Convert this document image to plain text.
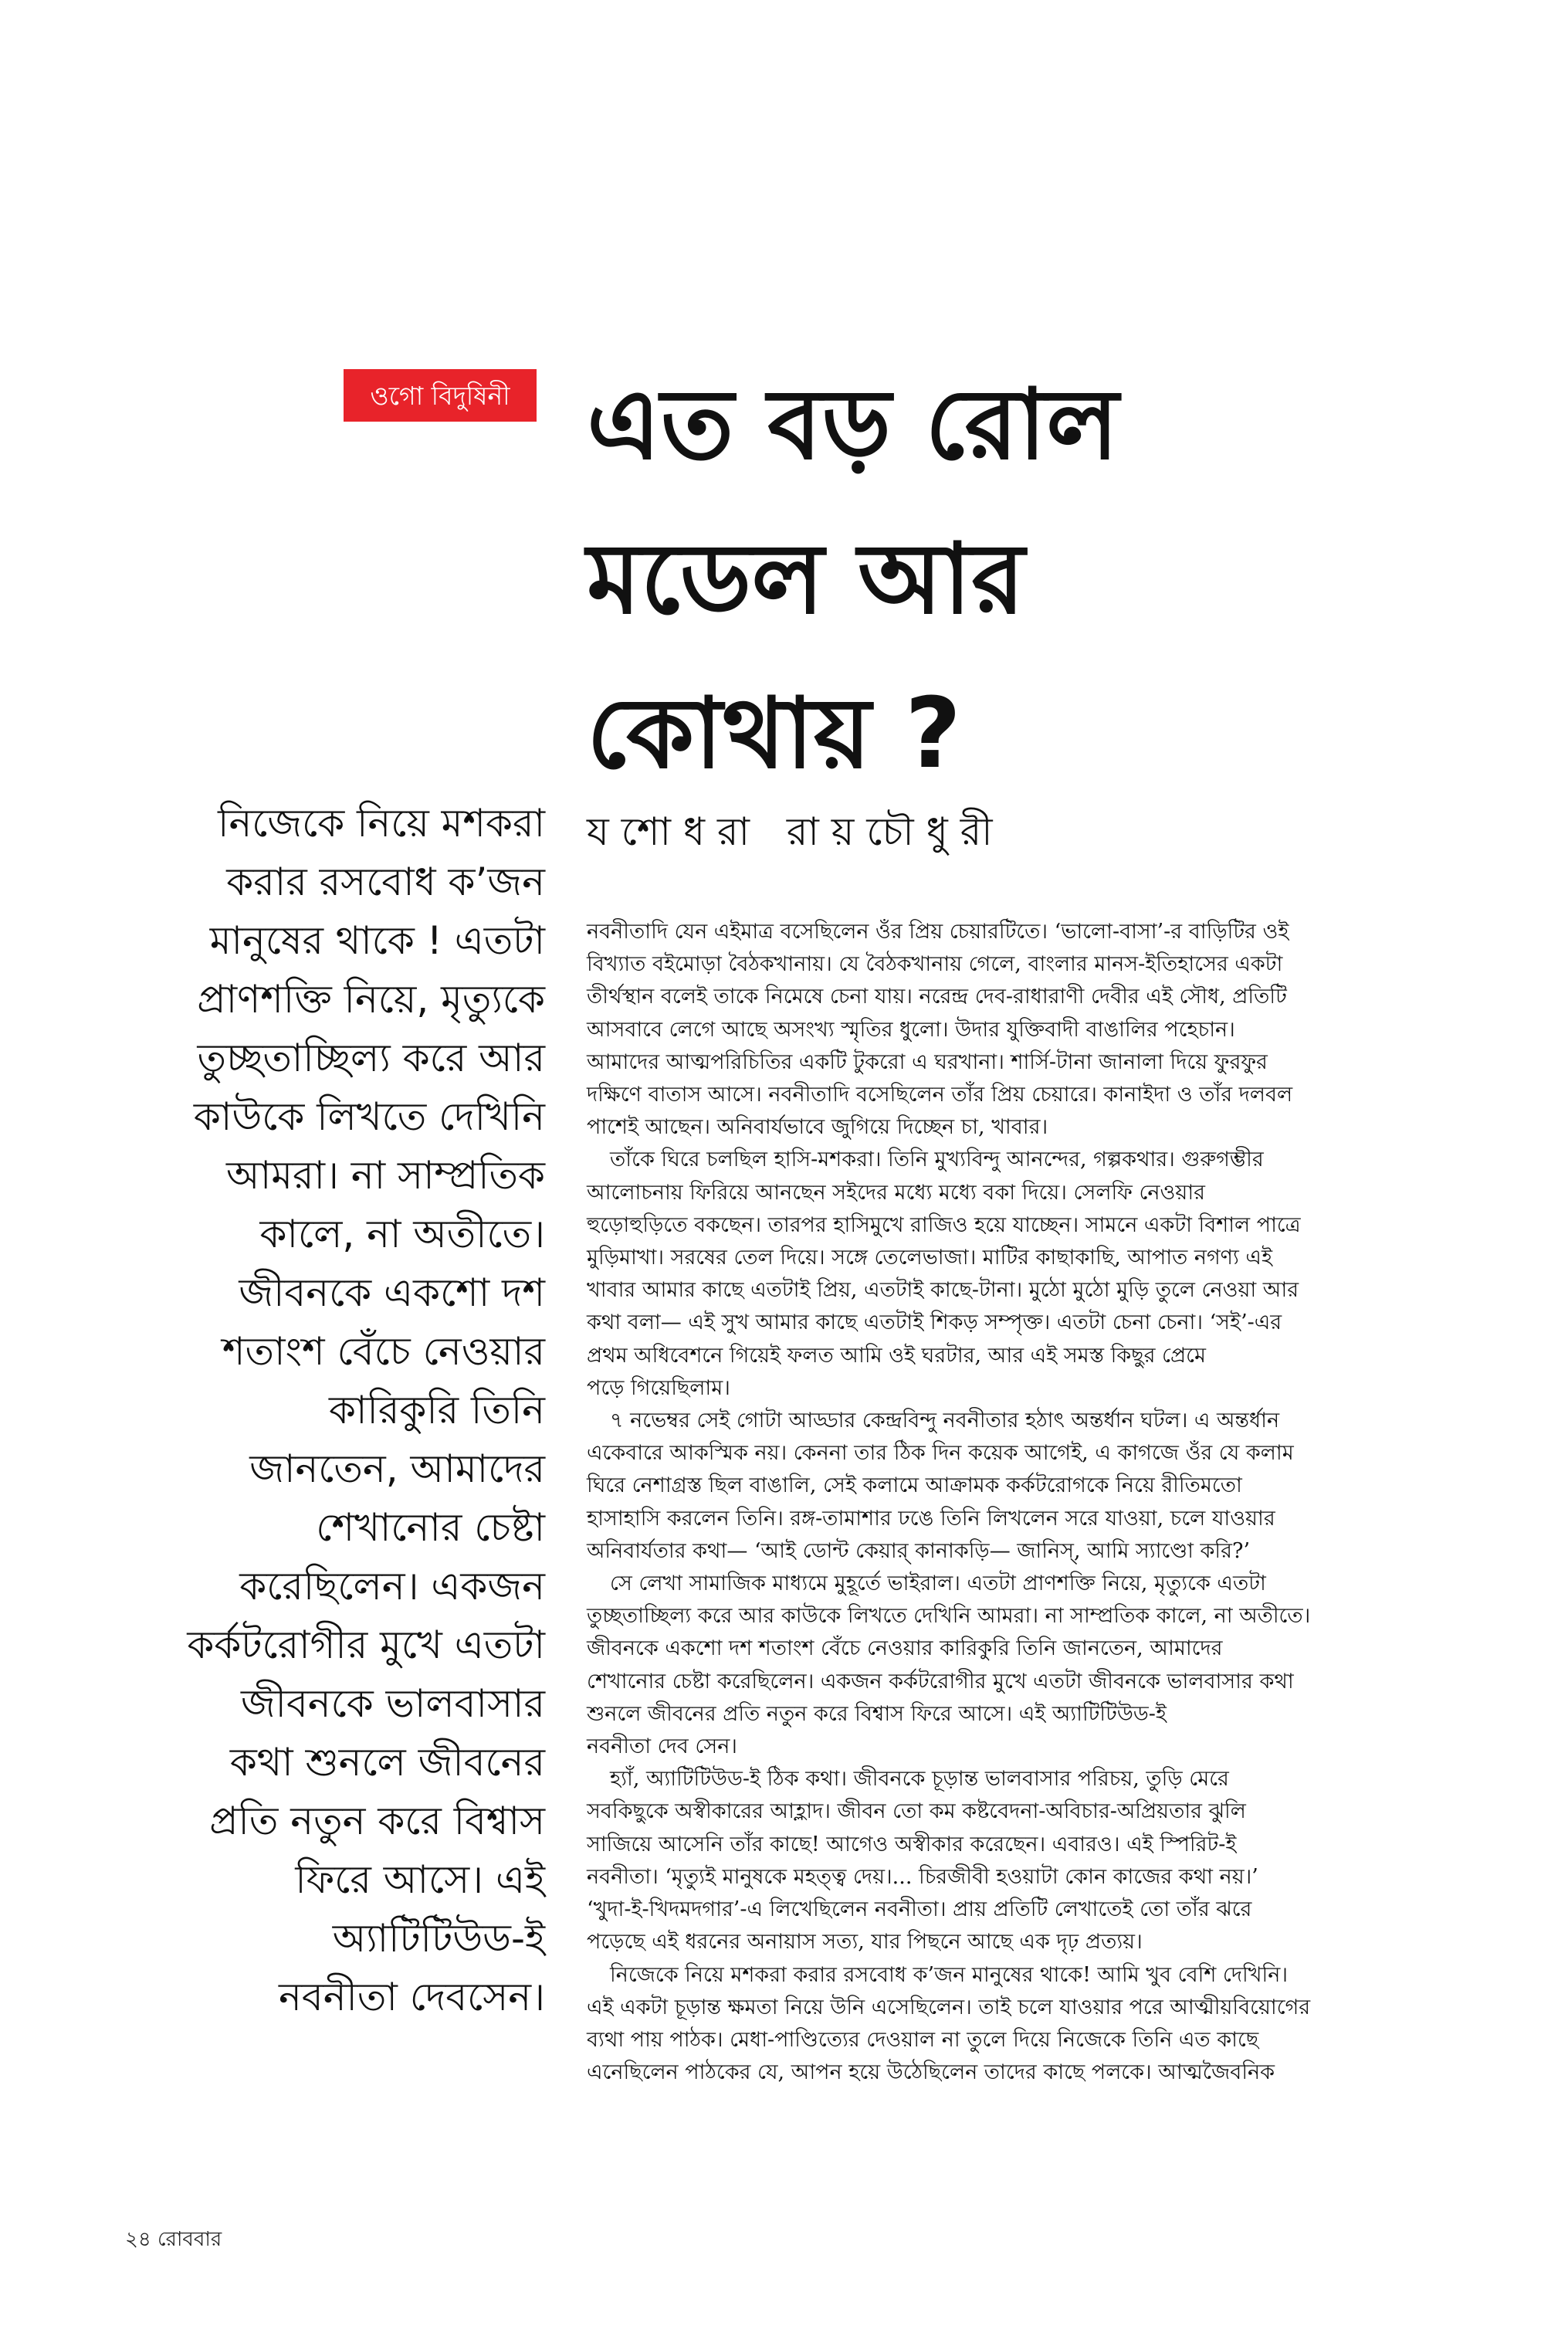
ওগো বিদুষিনী এত বড় রোল
মডেল আর
কোথায় ?
নিজেকে নিয়ে মশকরা
করার রসবোধ ক’জন
মানুষের থাকে ! এতটা
প্রাণশক্তি নিয়ে, মৃত্যুকে
তুচ্ছতাচ্ছিল্য করে আর
কাউকে লিখতে দেখিনি
আমরা। না সাম্প্রতিক
কালে, না অতীতে।
জীবনকে একশো দশ
শতাংশ বেঁচে নেওয়ার
কারিকুরি তিনি
জানতেন, আমাদের
শেখানোর চেষ্টা
করেছিলেন। একজন
কর্কটরোগীর মুখে এতটা
জীবনকে ভালবাসার
কথা শুনলে জীবনের
প্রতি নতুন করে বিশ্বাস
ফিরে আসে। এই
অ্যাটিটিউড-ই
নবনীতা দেবসেন।
যশোধরা রায়চৌধুরী
নবনীতাদি যেন এইমাত্র বসেছিলেন ওঁর প্রিয় চেয়ারটিতে। ‘ভালো-বাসা’-র বাড়িটির ওই
বিখ্যাত বইমোড়া বৈঠকখানায়। যে বৈঠকখানায় গেলে, বাংলার মানস-ইতিহাসের একটা
তীর্থস্থান বলেই তাকে নিমেষে চেনা যায়। নরেন্দ্র দেব-রাধারাণী দেবীর এই সৌধ, প্রতিটি
আসবাবে লেগে আছে অসংখ্য স্মৃতির ধুলো। উদার যুক্তিবাদী বাঙালির পহেচান।
আমাদের আত্মপরিচিতির একটি টুকরো এ ঘরখানা। শার্সি-টানা জানালা দিয়ে ফুরফুর
দক্ষিণে বাতাস আসে। নবনীতাদি বসেছিলেন তাঁর প্রিয় চেয়ারে। কানাইদা ও তাঁর দলবল
পাশেই আছেন। অনিবার্যভাবে জুগিয়ে দিচ্ছেন চা, খাবার।
তাঁকে ঘিরে চলছিল হাসি-মশকরা। তিনি মুখ্যবিন্দু আনন্দের, গল্পকথার। গুরুগম্ভীর
আলোচনায় ফিরিয়ে আনছেন সইদের মধ্যে মধ্যে বকা দিয়ে। সেলফি নেওয়ার
হুড়োহুড়িতে বকছেন। তারপর হাসিমুখে রাজিও হয়ে যাচ্ছেন। সামনে একটা বিশাল পাত্রে
মুড়িমাখা। সরষের তেল দিয়ে। সঙ্গে তেলেভাজা। মাটির কাছাকাছি, আপাত নগণ্য এই
খাবার আমার কাছে এতটাই প্রিয়, এতটাই কাছে-টানা। মুঠো মুঠো মুড়ি তুলে নেওয়া আর
কথা বলা— এই সুখ আমার কাছে এতটাই শিকড় সম্পৃক্ত। এতটা চেনা চেনা। ‘সই’-এর
প্রথম অধিবেশনে গিয়েই ফলত আমি ওই ঘরটার, আর এই সমস্ত কিছুর প্রেমে
পড়ে গিয়েছিলাম।
৭ নভেম্বর সেই গোটা আড্ডার কেন্দ্রবিন্দু নবনীতার হঠাৎ অন্তর্ধান ঘটল। এ অন্তর্ধান
একেবারে আকস্মিক নয়। কেননা তার ঠিক দিন কয়েক আগেই, এ কাগজে ওঁর যে কলাম
ঘিরে নেশাগ্রস্ত ছিল বাঙালি, সেই কলামে আক্রামক কর্কটরোগকে নিয়ে রীতিমতো
হাসাহাসি করলেন তিনি। রঙ্গ-তামাশার ঢঙে তিনি লিখলেন সরে যাওয়া, চলে যাওয়ার
অনিবার্যতার কথা— ‘আই ডোন্ট কেয়ার্ কানাকড়ি— জানিস্, আমি স্যাণ্ডো করি?’
সে লেখা সামাজিক মাধ্যমে মুহূর্তে ভাইরাল। এতটা প্রাণশক্তি নিয়ে, মৃত্যুকে এতটা
তুচ্ছতাচ্ছিল্য করে আর কাউকে লিখতে দেখিনি আমরা। না সাম্প্রতিক কালে, না অতীতে।
জীবনকে একশো দশ শতাংশ বেঁচে নেওয়ার কারিকুরি তিনি জানতেন, আমাদের
শেখানোর চেষ্টা করেছিলেন। একজন কর্কটরোগীর মুখে এতটা জীবনকে ভালবাসার কথা
শুনলে জীবনের প্রতি নতুন করে বিশ্বাস ফিরে আসে। এই অ্যাটিটিউড-ই
নবনীতা দেব সেন।
হ্যাঁ, অ্যাটিটিউড-ই ঠিক কথা। জীবনকে চূড়ান্ত ভালবাসার পরিচয়, তুড়ি মেরে
সবকিছুকে অস্বীকারের আহ্লাদ। জীবন তো কম কষ্টবেদনা-অবিচার-অপ্রিয়তার ঝুলি
সাজিয়ে আসেনি তাঁর কাছে! আগেও অস্বীকার করেছেন। এবারও। এই স্পিরিট-ই
নবনীতা। ‘মৃত্যুই মানুষকে মহত্ত্ব দেয়।... চিরজীবী হওয়াটা কোন কাজের কথা নয়।’
‘খুদা-ই-খিদমদগার’-এ লিখেছিলেন নবনীতা। প্রায় প্রতিটি লেখাতেই তো তাঁর ঝরে
পড়েছে এই ধরনের অনায়াস সত্য, যার পিছনে আছে এক দৃঢ় প্রত্যয়।
নিজেকে নিয়ে মশকরা করার রসবোধ ক’জন মানুষের থাকে! আমি খুব বেশি দেখিনি।
এই একটা চূড়ান্ত ক্ষমতা নিয়ে উনি এসেছিলেন। তাই চলে যাওয়ার পরে আত্মীয়বিয়োগের
ব্যথা পায় পাঠক। মেধা-পাণ্ডিত্যের দেওয়াল না তুলে দিয়ে নিজেকে তিনি এত কাছে
এনেছিলেন পাঠকের যে, আপন হয়ে উঠেছিলেন তাদের কাছে পলকে। আত্মজৈবনিক
২৪ রোববার
